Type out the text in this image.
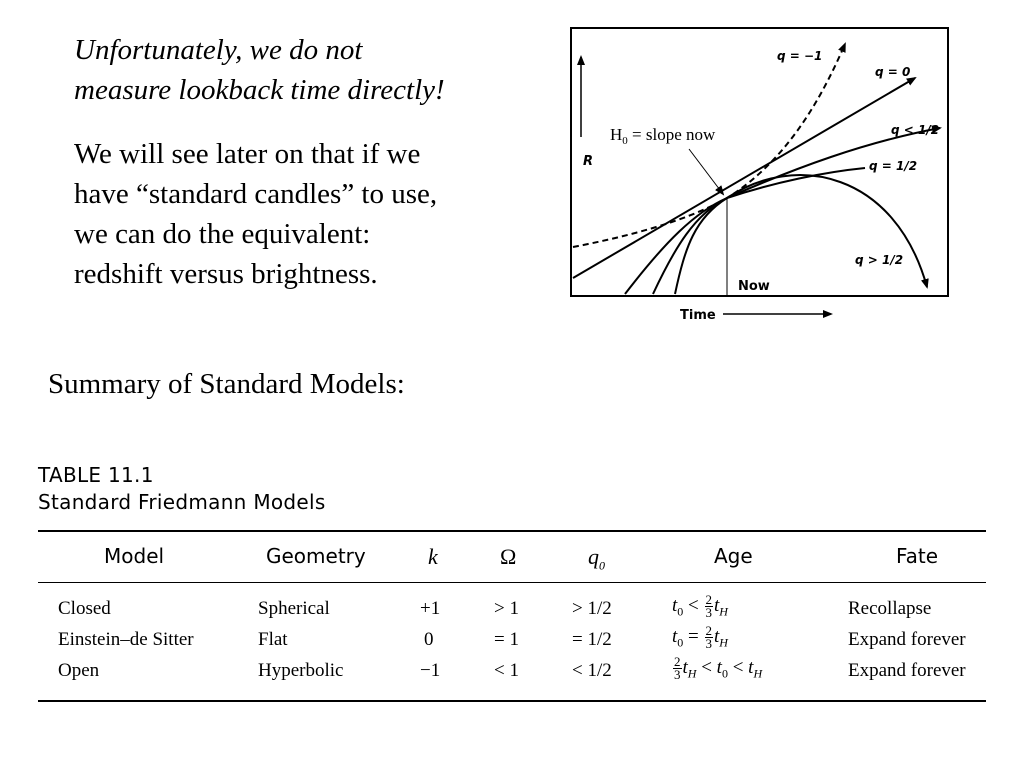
Unfortunately, we do not
measure lookback time directly!

We will see later on that if we
have “standard candles” to use,
we can do the equivalent:
redshift versus brightness.

R
Now
Time
$H_0$ = slope now
q = −1
q = 0
q < 1/2
q = 1/2
q > 1/2

Summary of Standard Models:

TABLE 11.1
Standard Friedmann Models
Model	Geometry	k	Ω	$q_0$	Age	Fate
Closed	Spherical	+1	> 1	> 1/2	$t_0 < \frac{2}{3} t_H$	Recollapse
Einstein–de Sitter	Flat	0	= 1	= 1/2	$t_0 = \frac{2}{3} t_H$	Expand forever
Open	Hyperbolic	−1	< 1	< 1/2	$\frac{2}{3} t_H < t_0 < t_H$	Expand forever
